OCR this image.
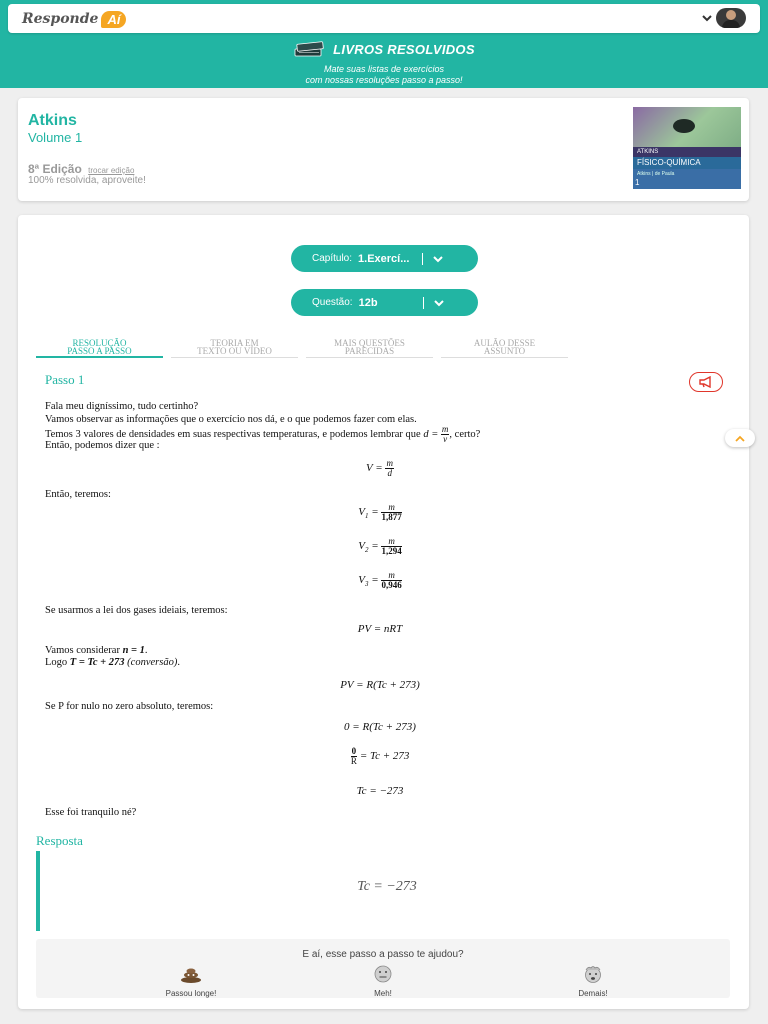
Responde Aí
LIVROS RESOLVIDOS
Mate suas listas de exercícios
com nossas resoluções passo a passo!
Atkins
Volume 1
8ª Edição trocar edição
100% resolvida, aproveite!
ATKINS
FÍSICO-QUÍMICA
Atkins | de Paula
1
Capítulo: 1.Exercí...
Questão: 12b
RESOLUÇÃO
PASSO A PASSO
TEORIA EM
TEXTO OU VÍDEO
MAIS QUESTÕES
PARECIDAS
AULÃO DESSE
ASSUNTO
Passo 1
Fala meu digníssimo, tudo certinho?
Vamos observar as informações que o exercício nos dá, e o que podemos fazer com elas.
Temos 3 valores de densidades em suas respectivas temperaturas, e podemos lembrar que $d = \frac{m}{v}$ , certo?
Então, podemos dizer que :
$V = \frac{m}{d}$
Então, teremos:
$V_1 = \frac{m}{1,877}$
$V_2 = \frac{m}{1,294}$
$V_3 = \frac{m}{0,946}$
Se usarmos a lei dos gases ideiais, teremos:
PV = nRT
Vamos considerar n = 1.
Logo T = Tc + 273 (conversão).
PV = R(Tc + 273)
Se P for nulo no zero absoluto, teremos:
0 = R(Tc + 273)
$\frac{0}{R} = Tc + 273$
Tc = −273
Esse foi tranquilo né?
Resposta
Tc = −273
E aí, esse passo a passo te ajudou?
Passou longe!	Meh!	Demais!
